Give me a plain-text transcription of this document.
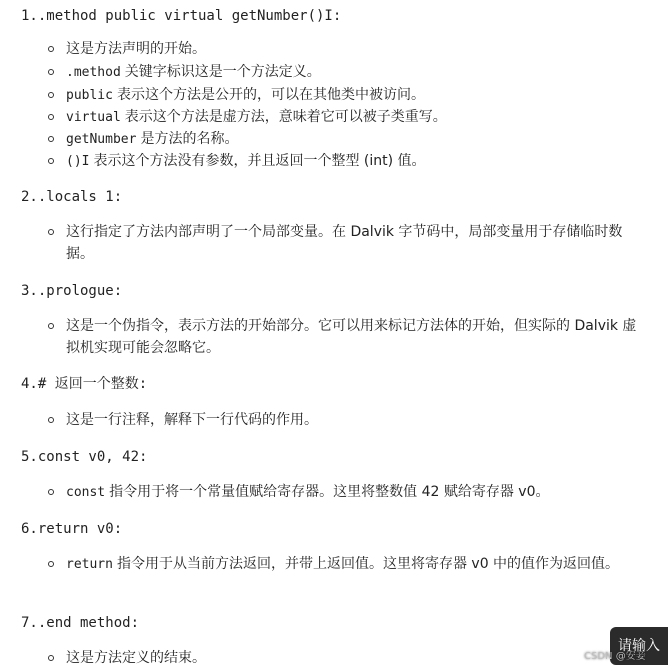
1..method public virtual getNumber()I:
这是方法声明的开始。
.method 关键字标识这是一个方法定义。
public 表示这个方法是公开的，可以在其他类中被访问。
virtual 表示这个方法是虚方法，意味着它可以被子类重写。
getNumber 是方法的名称。
()I 表示这个方法没有参数，并且返回一个整型 (int) 值。
2..locals 1:
这行指定了方法内部声明了一个局部变量。在 Dalvik 字节码中，局部变量用于存储临时数据。
3..prologue:
这是一个伪指令，表示方法的开始部分。它可以用来标记方法体的开始，但实际的 Dalvik 虚拟机实现可能会忽略它。
4.# 返回一个整数:
这是一行注释，解释下一行代码的作用。
5.const v0, 42:
const 指令用于将一个常量值赋给寄存器。这里将整数值 42 赋给寄存器 v0。
6.return v0:
return 指令用于从当前方法返回，并带上返回值。这里将寄存器 v0 中的值作为返回值。
7..end method:
这是方法定义的结束。
请输入
CSDN @安妾
